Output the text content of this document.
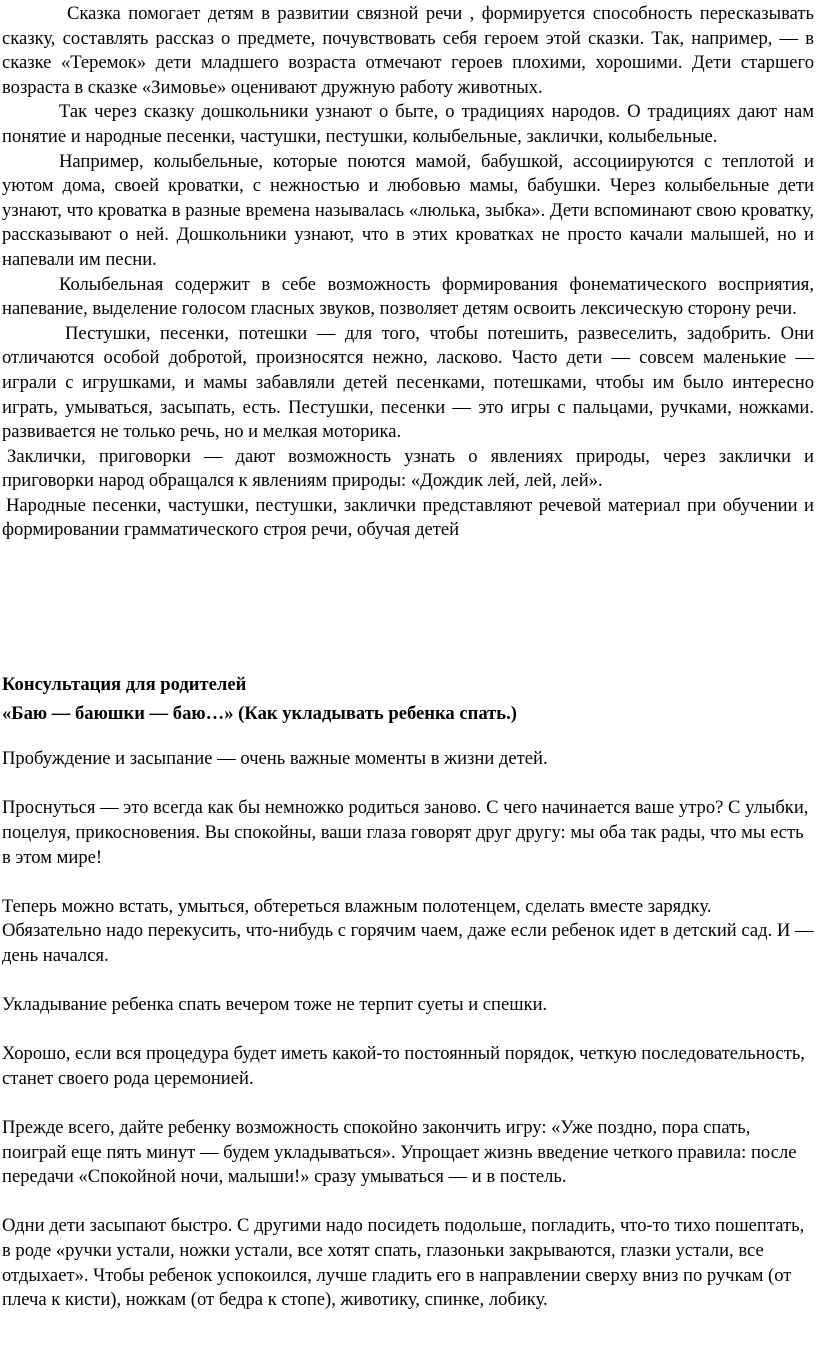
Сказка помогает детям в развитии связной речи , формируется способность пересказывать сказку, составлять рассказ о предмете, почувствовать себя героем этой сказки. Так, например, — в сказке «Теремок» дети младшего возраста отмечают героев плохими, хорошими. Дети старшего возраста в сказке «Зимовье» оценивают дружную работу животных.

Так через сказку дошкольники узнают о быте, о традициях народов. О традициях дают нам понятие и народные песенки, частушки, пестушки, колыбельные, заклички, колыбельные.

Например, колыбельные, которые поются мамой, бабушкой, ассоциируются с теплотой и уютом дома, своей кроватки, с нежностью и любовью мамы, бабушки. Через колыбельные дети узнают, что кроватка в разные времена называлась «люлька, зыбка». Дети вспоминают свою кроватку, рассказывают о ней. Дошкольники узнают, что в этих кроватках не просто качали малышей, но и напевали им песни.

Колыбельная содержит в себе возможность формирования фонематического восприятия, напевание, выделение голосом гласных звуков, позволяет детям освоить лексическую сторону речи.

Пестушки, песенки, потешки — для того, чтобы потешить, развеселить, задобрить. Они отличаются особой добротой, произносятся нежно, ласково. Часто дети — совсем маленькие — играли с игрушками, и мамы забавляли детей песенками, потешками, чтобы им было интересно играть, умываться, засыпать, есть. Пестушки, песенки — это игры с пальцами, ручками, ножками. развивается не только речь, но и мелкая моторика.

Заклички, приговорки — дают возможность узнать о явлениях природы, через заклички и приговорки народ обращался к явлениям природы: «Дождик лей, лей, лей».

Народные песенки, частушки, пестушки, заклички представляют речевой материал при обучении и формировании грамматического строя речи, обучая детей

Консультация для родителей
«Баю — баюшки — баю…» (Как укладывать ребенка спать.)

Пробуждение и засыпание — очень важные моменты в жизни детей.

Проснуться — это всегда как бы немножко родиться заново. С чего начинается ваше утро? С улыбки, поцелуя, прикосновения. Вы спокойны, ваши глаза говорят друг другу: мы оба так рады, что мы есть в этом мире!

Теперь можно встать, умыться, обтереться влажным полотенцем, сделать вместе зарядку. Обязательно надо перекусить, что-нибудь с горячим чаем, даже если ребенок идет в детский сад. И — день начался.

Укладывание ребенка спать вечером тоже не терпит суеты и спешки.

Хорошо, если вся процедура будет иметь какой-то постоянный порядок, четкую последовательность, станет своего рода церемонией.

Прежде всего, дайте ребенку возможность спокойно закончить игру: «Уже поздно, пора спать, поиграй еще пять минут — будем укладываться». Упрощает жизнь введение четкого правила: после передачи «Спокойной ночи, малыши!» сразу умываться — и в постель.

Одни дети засыпают быстро. С другими надо посидеть подольше, погладить, что-то тихо пошептать, в роде «ручки устали, ножки устали, все хотят спать, глазоньки закрываются, глазки устали, все отдыхает». Чтобы ребенок успокоился, лучше гладить его в направлении сверху вниз по ручкам (от плеча к кисти), ножкам (от бедра к стопе), животику, спинке, лобику.
